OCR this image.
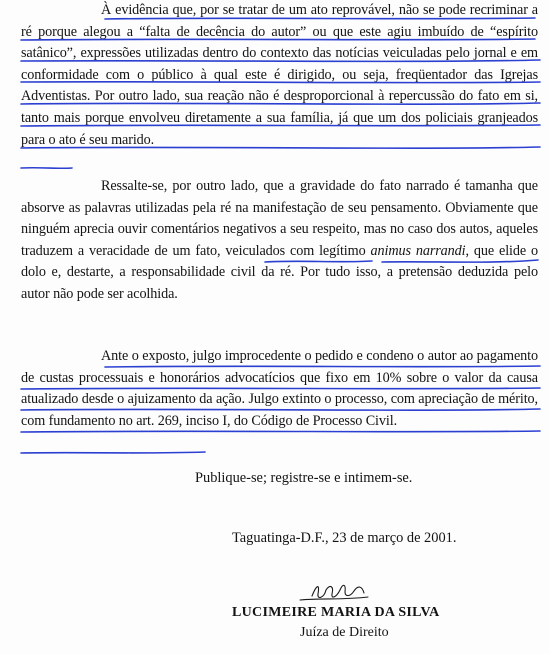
À evidência que, por se tratar de um ato reprovável, não se pode recriminar a ré porque alegou a “falta de decência do autor” ou que este agiu imbuído de “espírito satânico”, expressões utilizadas dentro do contexto das notícias veiculadas pelo jornal e em conformidade com o público à qual este é dirigido, ou seja, freqüentador das Igrejas Adventistas. Por outro lado, sua reação não é desproporcional à repercussão do fato em si, tanto mais porque envolveu diretamente a sua família, já que um dos policiais granjeados para o ato é seu marido.

Ressalte-se, por outro lado, que a gravidade do fato narrado é tamanha que absorve as palavras utilizadas pela ré na manifestação de seu pensamento. Obviamente que ninguém aprecia ouvir comentários negativos a seu respeito, mas no caso dos autos, aqueles traduzem a veracidade de um fato, veiculados com legítimo animus narrandi, que elide o dolo e, destarte, a responsabilidade civil da ré. Por tudo isso, a pretensão deduzida pelo autor não pode ser acolhida.

Ante o exposto, julgo improcedente o pedido e condeno o autor ao pagamento de custas processuais e honorários advocatícios que fixo em 10% sobre o valor da causa atualizado desde o ajuizamento da ação. Julgo extinto o processo, com apreciação de mérito, com fundamento no art. 269, inciso I, do Código de Processo Civil.

Publique-se; registre-se e intimem-se.

Taguatinga-D.F., 23 de março de 2001.

LUCIMEIRE MARIA DA SILVA

Juíza de Direito
